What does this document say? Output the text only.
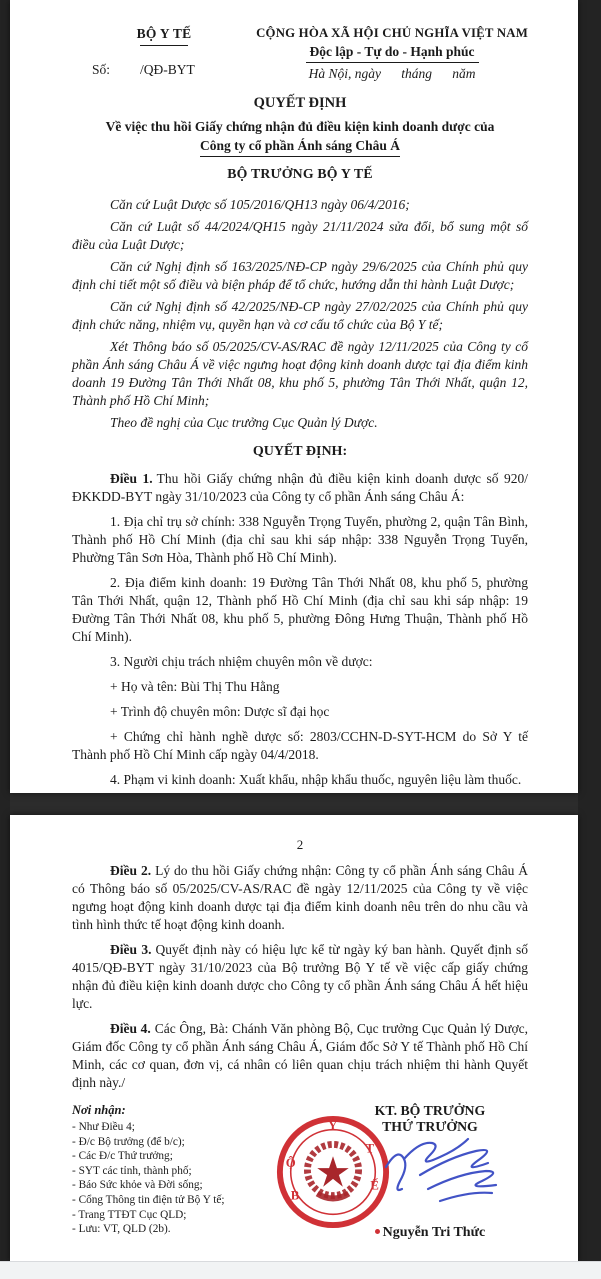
BỘ Y TẾ
Số: /QĐ-BYT
CỘNG HÒA XÃ HỘI CHỦ NGHĨA VIỆT NAM
Độc lập - Tự do - Hạnh phúc
Hà Nội, ngày      tháng      năm
QUYẾT ĐỊNH
Về việc thu hồi Giấy chứng nhận đủ điều kiện kinh doanh dược của
Công ty cổ phần Ánh sáng Châu Á
BỘ TRƯỞNG BỘ Y TẾ

Căn cứ Luật Dược số 105/2016/QH13 ngày 06/4/2016;

Căn cứ Luật số 44/2024/QH15 ngày 21/11/2024 sửa đổi, bổ sung một số điều của Luật Dược;

Căn cứ Nghị định số 163/2025/NĐ-CP ngày 29/6/2025 của Chính phủ quy định chi tiết một số điều và biện pháp để tổ chức, hướng dẫn thi hành Luật Dược;

Căn cứ Nghị định số 42/2025/NĐ-CP ngày 27/02/2025 của Chính phủ quy định chức năng, nhiệm vụ, quyền hạn và cơ cấu tổ chức của Bộ Y tế;

Xét Thông báo số 05/2025/CV-AS/RAC đề ngày 12/11/2025 của Công ty cổ phần Ánh sáng Châu Á về việc ngưng hoạt động kinh doanh dược tại địa điểm kinh doanh 19 Đường Tân Thới Nhất 08, khu phố 5, phường Tân Thới Nhất, quận 12, Thành phố Hồ Chí Minh;

Theo đề nghị của Cục trưởng Cục Quản lý Dược.

QUYẾT ĐỊNH:

Điều 1. Thu hồi Giấy chứng nhận đủ điều kiện kinh doanh dược số 920/ĐKKDD-BYT ngày 31/10/2023 của Công ty cổ phần Ánh sáng Châu Á:

1. Địa chỉ trụ sở chính: 338 Nguyễn Trọng Tuyển, phường 2, quận Tân Bình, Thành phố Hồ Chí Minh (địa chỉ sau khi sáp nhập: 338 Nguyễn Trọng Tuyển, Phường Tân Sơn Hòa, Thành phố Hồ Chí Minh).

2. Địa điểm kinh doanh: 19 Đường Tân Thới Nhất 08, khu phố 5, phường Tân Thới Nhất, quận 12, Thành phố Hồ Chí Minh (địa chỉ sau khi sáp nhập: 19 Đường Tân Thới Nhất 08, khu phố 5, phường Đông Hưng Thuận, Thành phố Hồ Chí Minh).

3. Người chịu trách nhiệm chuyên môn về dược:

+ Họ và tên: Bùi Thị Thu Hằng

+ Trình độ chuyên môn: Dược sĩ đại học

+ Chứng chỉ hành nghề dược số: 2803/CCHN-D-SYT-HCM do Sở Y tế Thành phố Hồ Chí Minh cấp ngày 04/4/2018.

4. Phạm vi kinh doanh: Xuất khẩu, nhập khẩu thuốc, nguyên liệu làm thuốc.

2

Điều 2. Lý do thu hồi Giấy chứng nhận: Công ty cổ phần Ánh sáng Châu Á có Thông báo số 05/2025/CV-AS/RAC đề ngày 12/11/2025 của Công ty về việc ngưng hoạt động kinh doanh dược tại địa điểm kinh doanh nêu trên do nhu cầu và tình hình thức tế hoạt động kinh doanh.

Điều 3. Quyết định này có hiệu lực kể từ ngày ký ban hành. Quyết định số 4015/QĐ-BYT ngày 31/10/2023 của Bộ trưởng Bộ Y tế về việc cấp giấy chứng nhận đủ điều kiện kinh doanh dược cho Công ty cổ phần Ánh sáng Châu Á hết hiệu lực.

Điều 4. Các Ông, Bà: Chánh Văn phòng Bộ, Cục trưởng Cục Quản lý Dược, Giám đốc Công ty cổ phần Ánh sáng Châu Á, Giám đốc Sở Y tế Thành phố Hồ Chí Minh, các cơ quan, đơn vị, cá nhân có liên quan chịu trách nhiệm thi hành Quyết định này./

Nơi nhận:
- Như Điều 4;
- Đ/c Bộ trưởng (để b/c);
- Các Đ/c Thứ trưởng;
- SYT các tỉnh, thành phố;
- Báo Sức khỏe và Đời sống;
- Cổng Thông tin điện tử Bộ Y tế;
- Trang TTĐT Cục QLD;
- Lưu: VT, QLD (2b).
KT. BỘ TRƯỞNG
THỨ TRƯỞNG
B
Ộ
Y
T
Ế
Nguyễn Tri Thức
